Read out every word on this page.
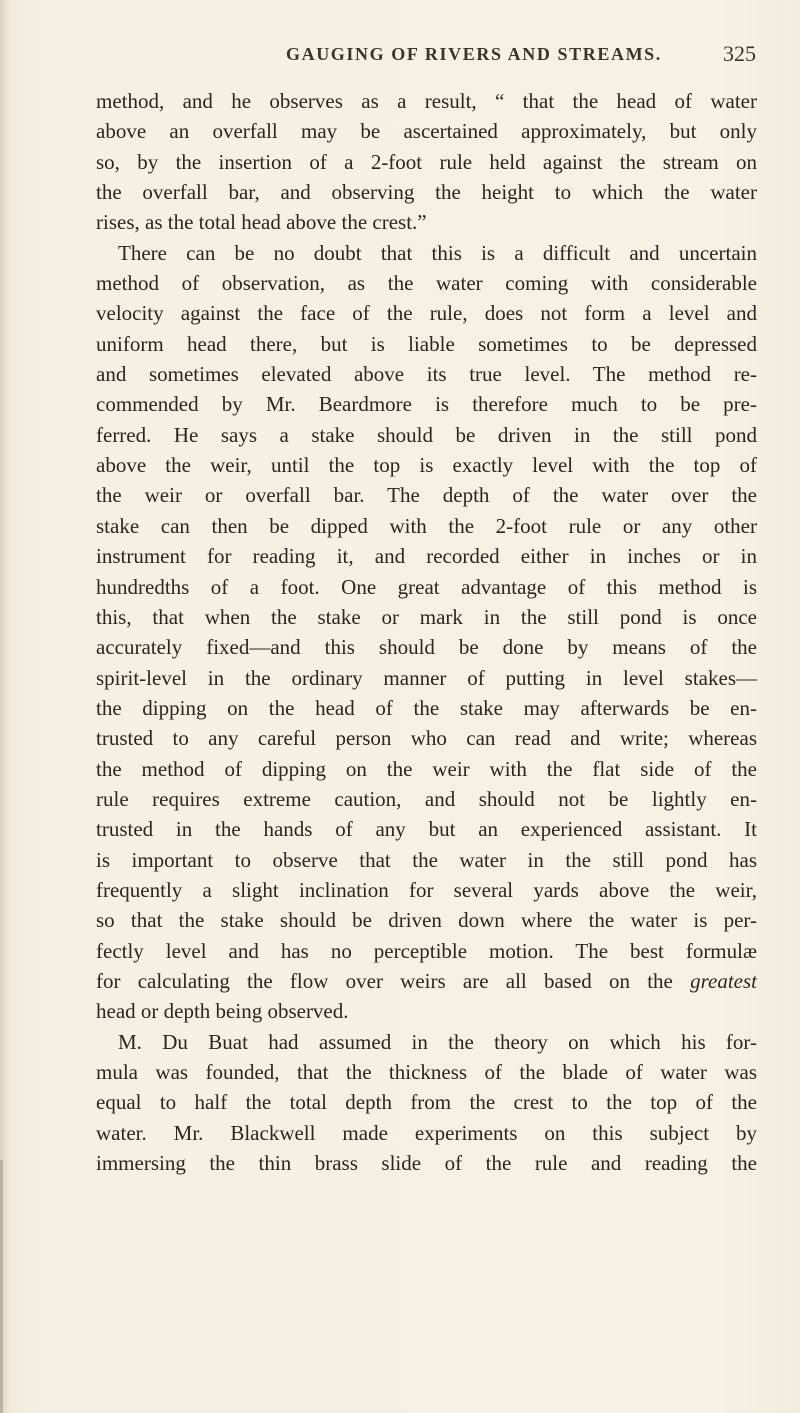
GAUGING OF RIVERS AND STREAMS.	325
method, and he observes as a result, “ that the head of water
above an overfall may be ascertained approximately, but only
so, by the insertion of a 2-foot rule held against the stream on
the overfall bar, and observing the height to which the water
rises, as the total head above the crest.”
There can be no doubt that this is a difficult and uncertain
method of observation, as the water coming with considerable
velocity against the face of the rule, does not form a level and
uniform head there, but is liable sometimes to be depressed
and sometimes elevated above its true level. The method re-
commended by Mr. Beardmore is therefore much to be pre-
ferred. He says a stake should be driven in the still pond
above the weir, until the top is exactly level with the top of
the weir or overfall bar. The depth of the water over the
stake can then be dipped with the 2-foot rule or any other
instrument for reading it, and recorded either in inches or in
hundredths of a foot. One great advantage of this method is
this, that when the stake or mark in the still pond is once
accurately fixed—and this should be done by means of the
spirit-level in the ordinary manner of putting in level stakes—
the dipping on the head of the stake may afterwards be en-
trusted to any careful person who can read and write; whereas
the method of dipping on the weir with the flat side of the
rule requires extreme caution, and should not be lightly en-
trusted in the hands of any but an experienced assistant. It
is important to observe that the water in the still pond has
frequently a slight inclination for several yards above the weir,
so that the stake should be driven down where the water is per-
fectly level and has no perceptible motion. The best formulæ
for calculating the flow over weirs are all based on the greatest
head or depth being observed.
M. Du Buat had assumed in the theory on which his for-
mula was founded, that the thickness of the blade of water was
equal to half the total depth from the crest to the top of the
water. Mr. Blackwell made experiments on this subject by
immersing the thin brass slide of the rule and reading the
